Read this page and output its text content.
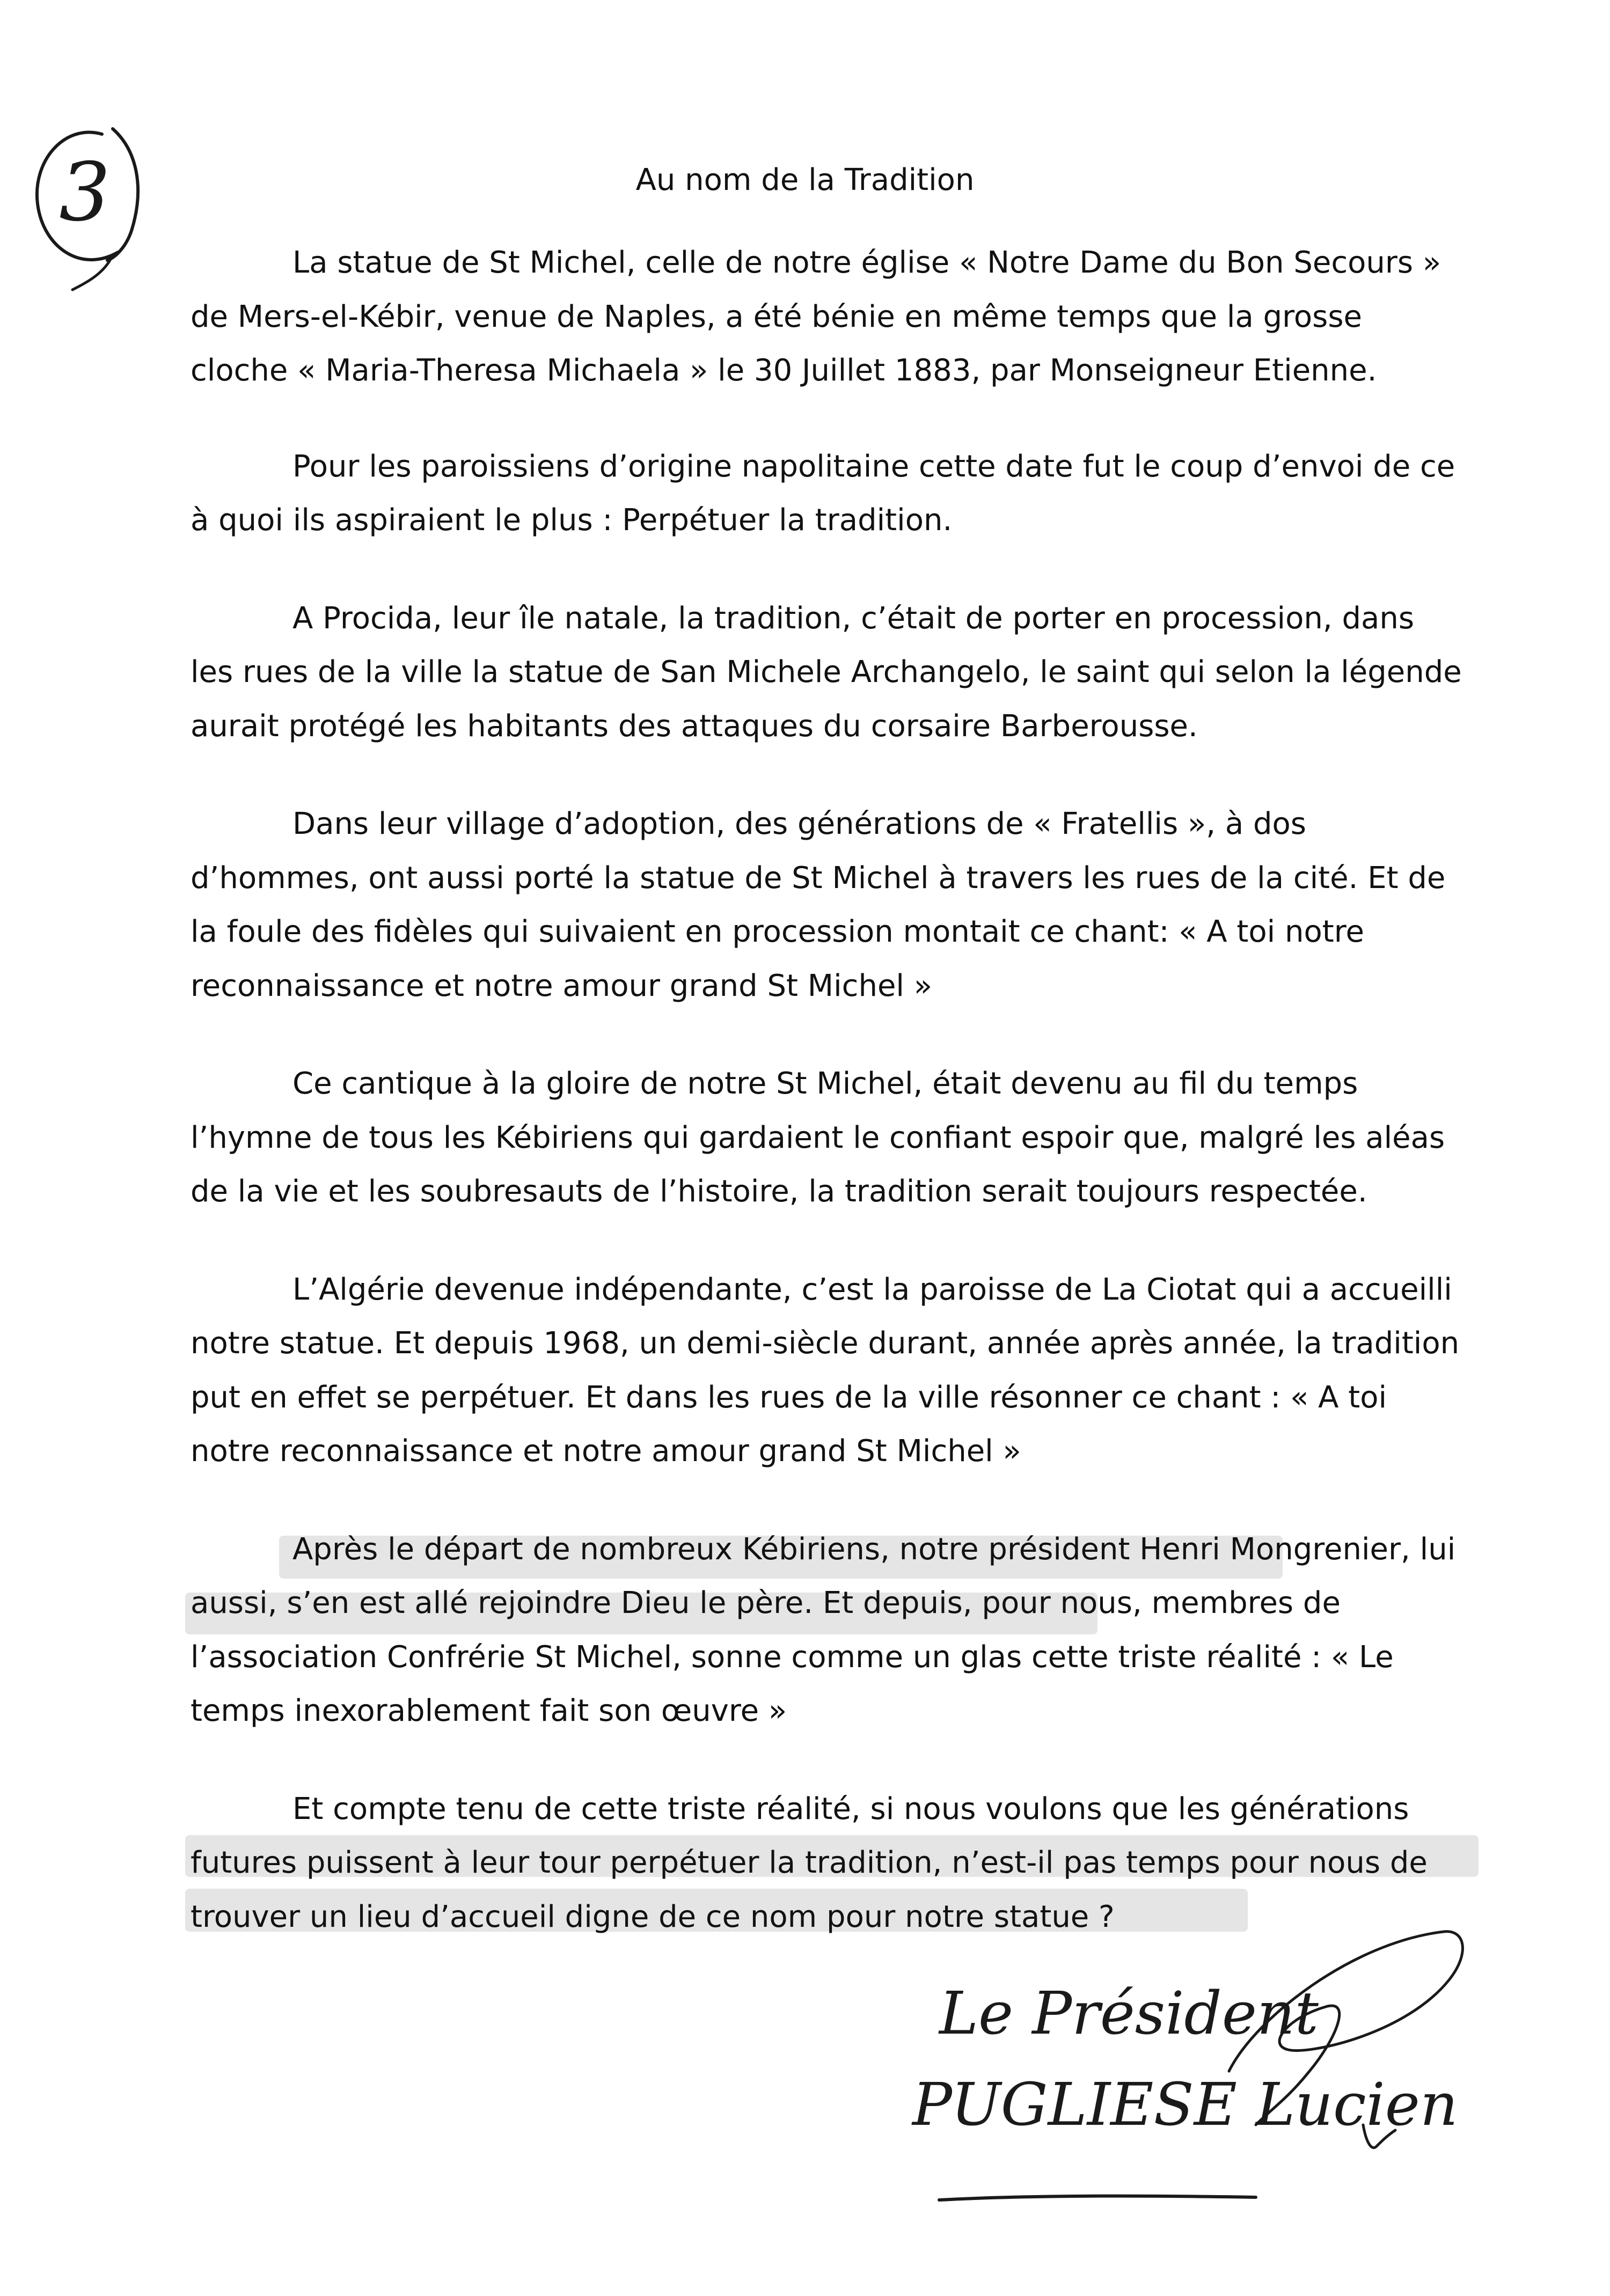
3	Au nom de la Tradition

La statue de St Michel, celle de notre église « Notre Dame du Bon Secours » de Mers-el-Kébir, venue de Naples, a été bénie en même temps que la grosse cloche « Maria-Theresa Michaela » le 30 Juillet 1883, par Monseigneur Etienne.

Pour les paroissiens d’origine napolitaine cette date fut le coup d’envoi de ce à quoi ils aspiraient le plus : Perpétuer la tradition.

A Procida, leur île natale, la tradition, c’était de porter en procession, dans les rues de la ville la statue de San Michele Archangelo, le saint qui selon la légende aurait protégé les habitants des attaques du corsaire Barberousse.

Dans leur village d’adoption, des générations de « Fratellis », à dos d’hommes, ont aussi porté la statue de St Michel à travers les rues de la cité. Et de la foule des fidèles qui suivaient en procession montait ce chant: « A toi notre reconnaissance et notre amour grand St Michel »

Ce cantique à la gloire de notre St Michel, était devenu au fil du temps l’hymne de tous les Kébiriens qui gardaient le confiant espoir que, malgré les aléas de la vie et les soubresauts de l’histoire, la tradition serait toujours respectée.

L’Algérie devenue indépendante, c’est la paroisse de La Ciotat qui a accueilli notre statue. Et depuis 1968, un demi-siècle durant, année après année, la tradition put en effet se perpétuer. Et dans les rues de la ville résonner ce chant : « A toi notre reconnaissance et notre amour grand St Michel »

Après le départ de nombreux Kébiriens, notre président Henri Mongrenier, lui aussi, s’en est allé rejoindre Dieu le père. Et depuis, pour nous, membres de l’association Confrérie St Michel, sonne comme un glas cette triste réalité : « Le temps inexorablement fait son œuvre »

Et compte tenu de cette triste réalité, si nous voulons que les générations futures puissent à leur tour perpétuer la tradition, n’est-il pas temps pour nous de trouver un lieu d’accueil digne de ce nom pour notre statue ?

Le Président
PUGLIESE Lucien
